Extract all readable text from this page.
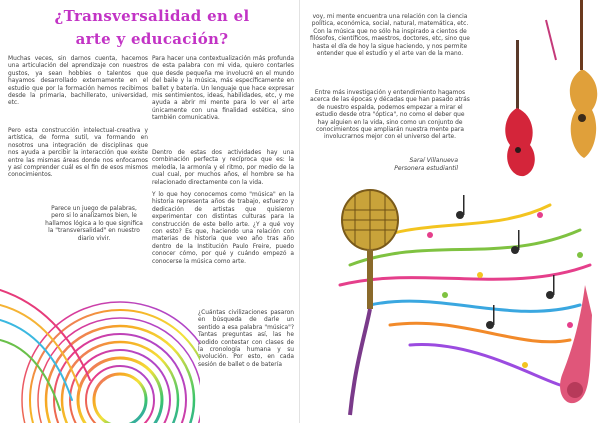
¿Transversalidad en el arte y educación?

Muchas veces, sin darnos cuenta, hacemos una articulación del aprendizaje con nuestros gustos, ya sean hobbies o talentos que hayamos desarrollado externamente en el estudio que por la formación hemos recibimos desde la primaria, bachillerato, universidad, etc.

Pero esta construcción intelectual-creativa y artística, de forma sutil, va formando en nosotros una integración de disciplinas que nos ayuda a percibir la interacción que existe entre las mismas áreas donde nos enfocamos y así comprender cuál es el fin de esos mismos conocimientos.

Parece un juego de palabras, pero si lo analizamos bien, le hallamos lógica a lo que significa la "transversalidad" en nuestro diario vivir.

Para hacer una contextualización más profunda de esta palabra con mi vida, quiero contarles que desde pequeña me involucré en el mundo del baile y la música, más específicamente en ballet y batería. Un lenguaje que hace expresar mis sentimientos, ideas, habilidades, etc, y me ayuda a abrir mi mente para lo ver el arte únicamente con una finalidad estética, sino también comunicativa.

Dentro de estas dos actividades hay una combinación perfecta y recíproca que es: la melodía, la armonía y el ritmo, por medio de la cual cual, por muchos años, el hombre se ha relacionado directamente con la vida.

Y lo que hoy conocemos como "música" en la historia representa años de trabajo, esfuerzo y dedicación de artistas que quisieron experimentar con distintas culturas para la construcción de este bello arte. ¿Y a qué voy con esto? Es que, haciendo una relación con materias de historia que veo año tras año dentro de la Institución Paulo Freire, puedo conocer cómo, por qué y cuándo empezó a conocerse la música como arte.

¿Cuántas civilizaciones pasaron en búsqueda de darle un sentido a esa palabra "música"? Tantas preguntas así, las he podido contestar con clases de la cronología humana y su evolución. Por esto, en cada sesión de ballet o de batería

voy, mi mente encuentra una relación con la ciencia política, económica, social, natural, matemática, etc. Con la música que no sólo ha inspirado a cientos de filósofos, científicos, maestros, doctores, etc, sino que hasta el día de hoy la sigue haciendo, y nos permite entender que el estudio y el arte van de la mano.

Entre más investigación y entendimiento hagamos acerca de las épocas y décadas que han pasado atrás de nuestro espalda, podemos empezar a mirar el estudio desde otra "óptica", no como el deber que hay alguien en la vida, sino como un conjunto de conocimientos que ampliarán nuestra mente para involucrarnos mejor con el universo del arte.

Saraí Villanueva
Personera estudiantil
